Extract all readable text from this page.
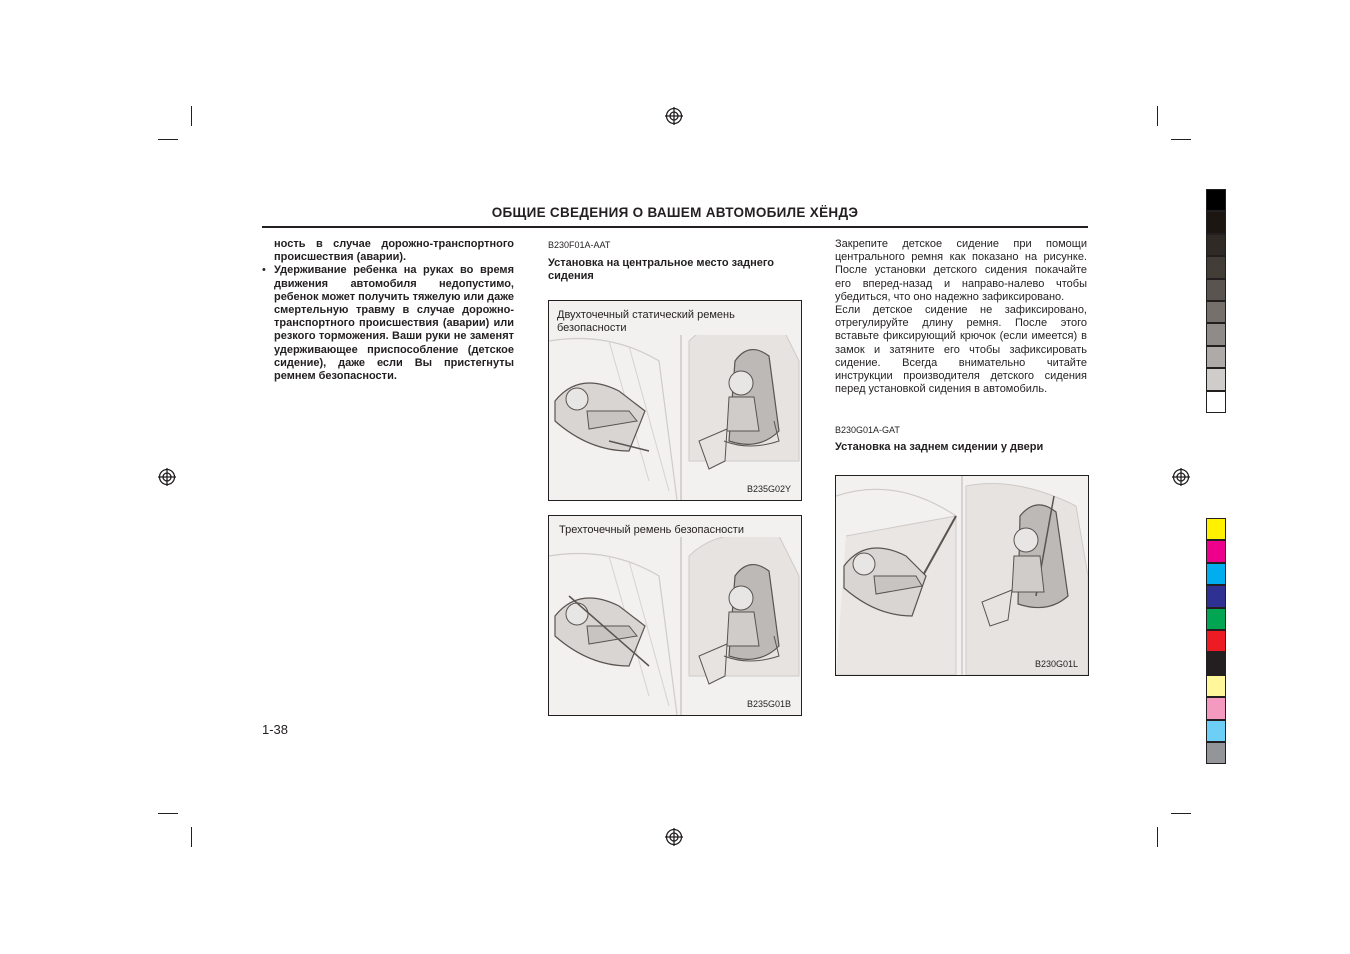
ОБЩИЕ СВЕДЕНИЯ О ВАШЕМ АВТОМОБИЛЕ ХЁНДЭ

ность в случае дорожно-транспортного происшествия (аварии).

• Удерживание ребенка на руках во время движения автомобиля недопустимо, ребенок может получить тяжелую или даже смертельную травму в случае дорожно-транспортного происшествия (аварии) или резкого торможения. Ваши руки не заменят удерживающее приспособление (детское сидение), даже если Вы пристегнуты ремнем безопасности.
B230F01A-AAT
Установка на центральное место заднего сидения
Двухточечный статический ремень безопасности
B235G02Y
Трехточечный ремень безопасности
B235G01B

Закрепите детское сидение при помощи центрального ремня как показано на рисунке. После установки детского сидения покачайте его вперед-назад и направо-налево чтобы убедиться, что оно надежно зафиксировано.

Если детское сидение не зафиксировано, отрегулируйте длину ремня. После этого вставьте фиксирующий крючок (если имеется) в замок и затяните его чтобы зафиксировать сидение. Всегда внимательно читайте инструкции производителя детского сидения перед установкой сидения в автомобиль.

B230G01A-GAT
Установка на заднем сидении у двери
B230G01L
1-38
